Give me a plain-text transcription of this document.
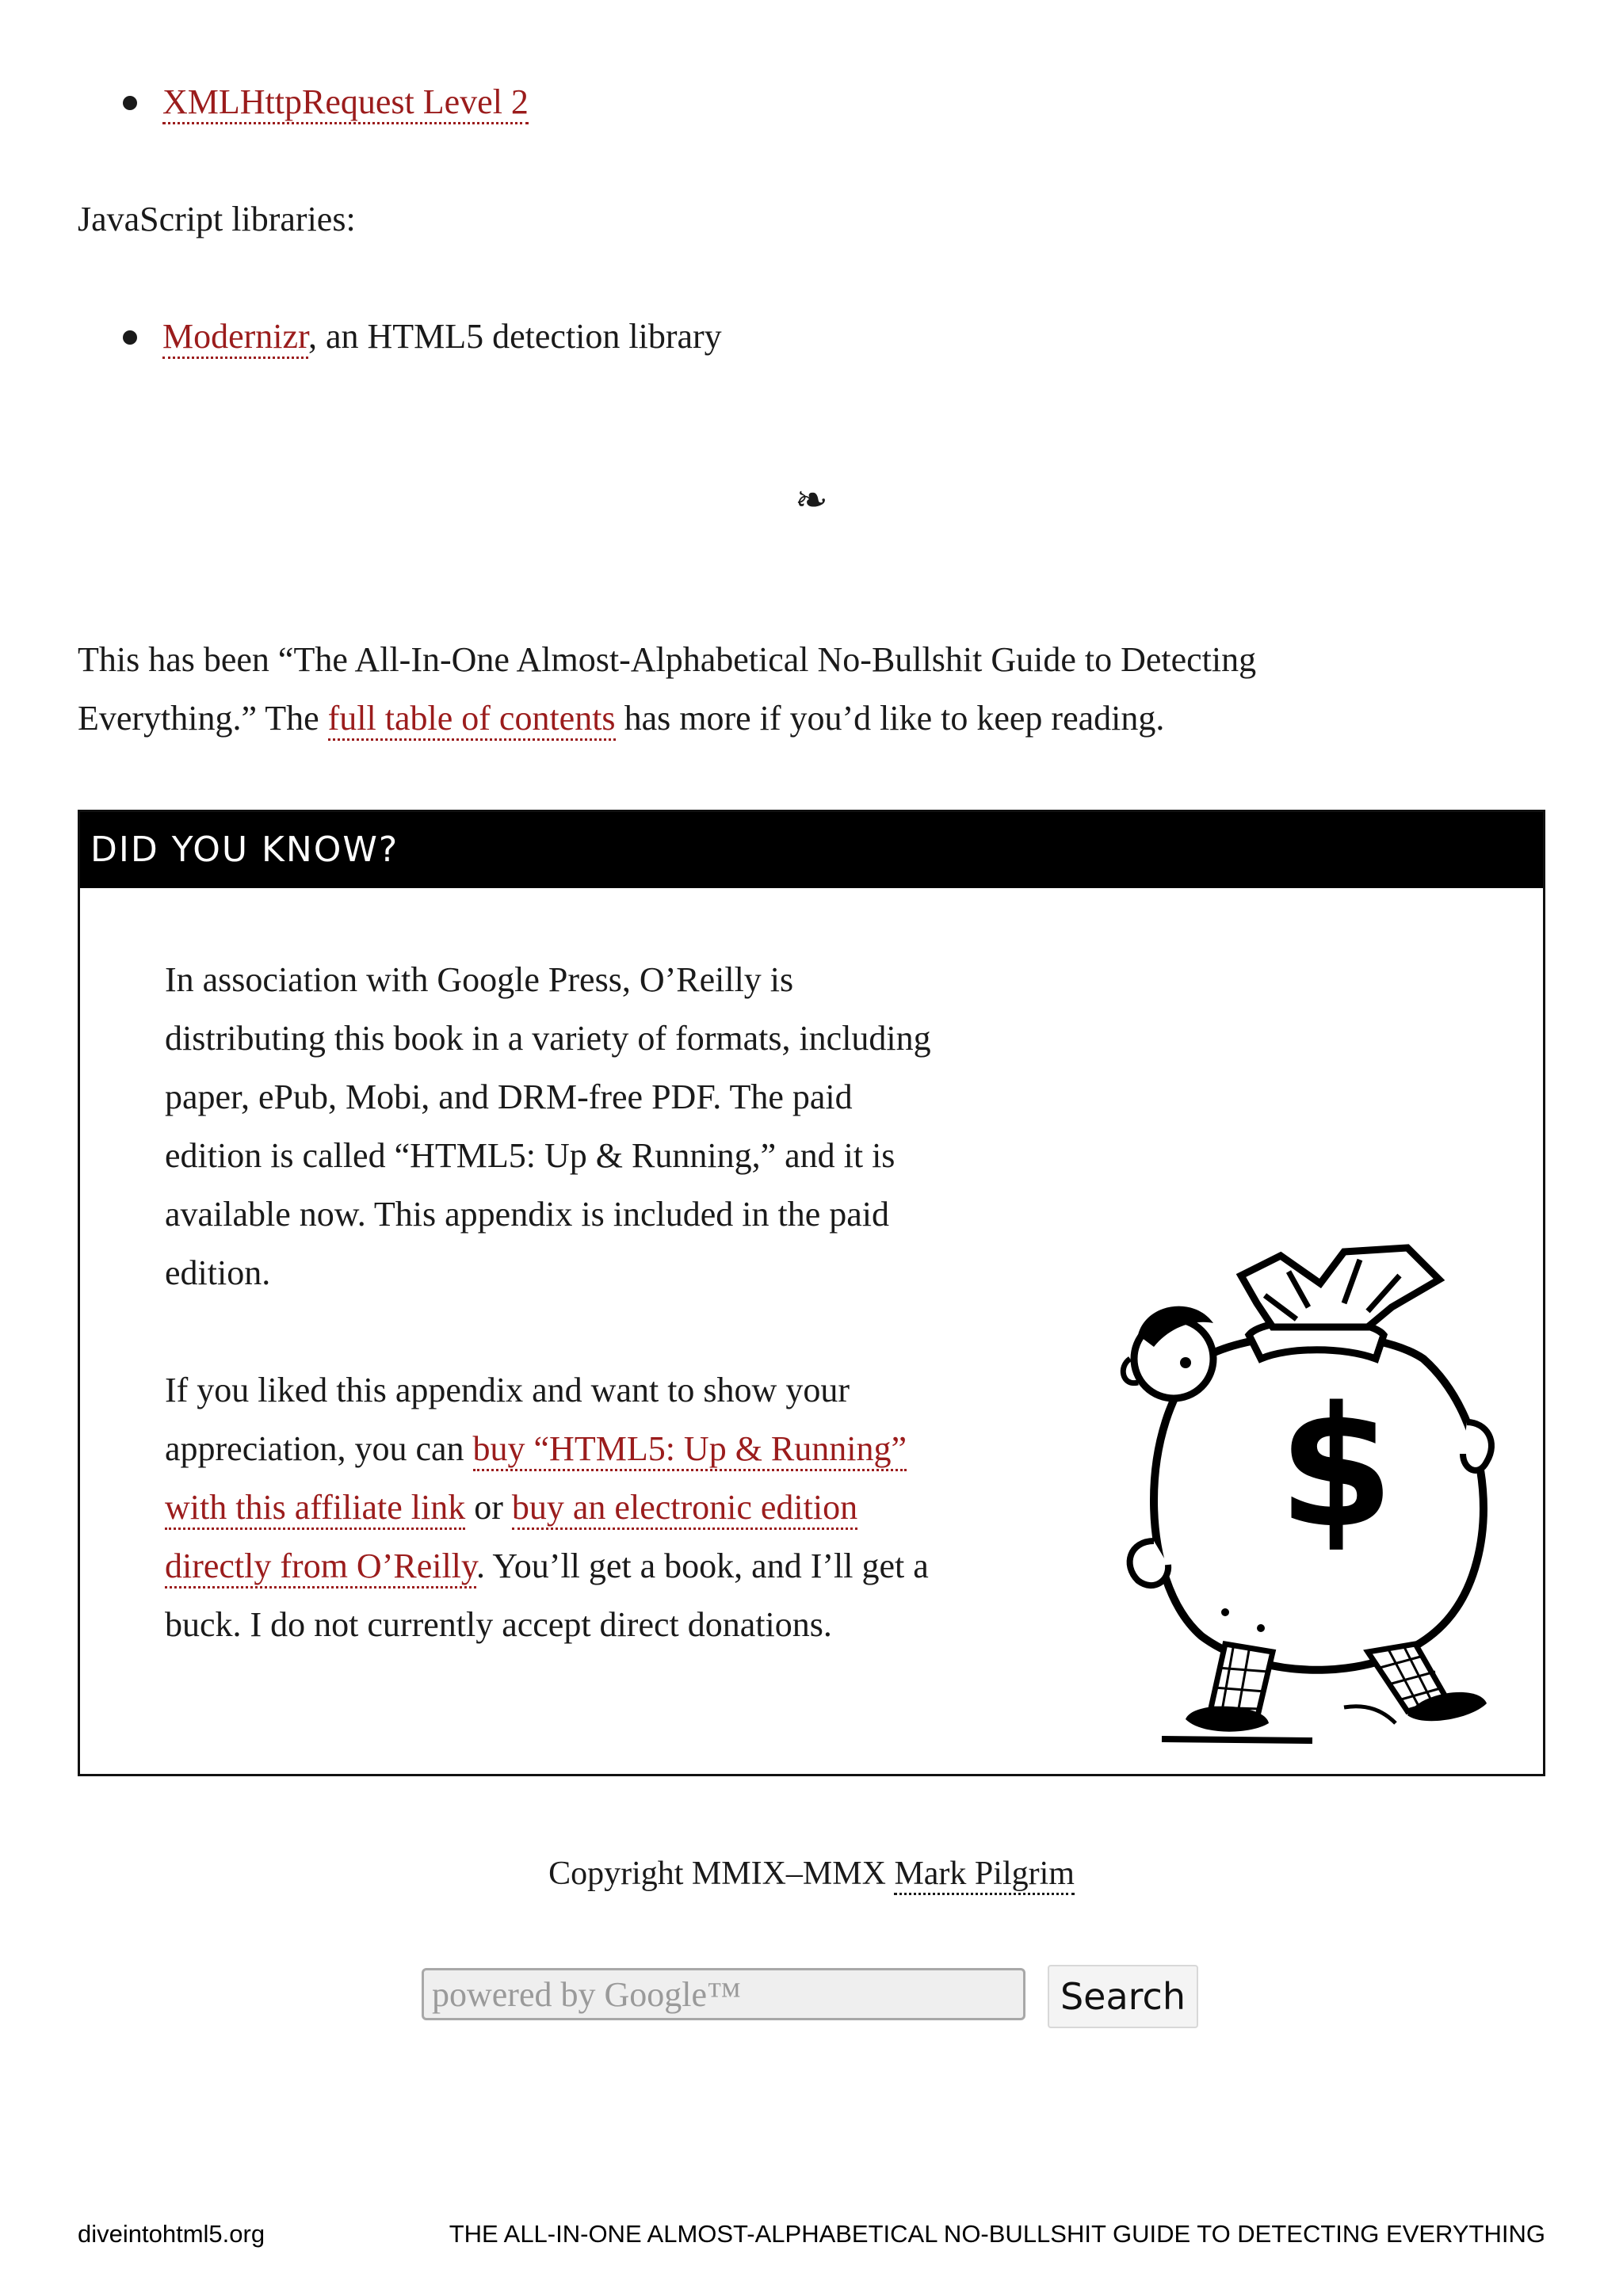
XMLHttpRequest Level 2
JavaScript libraries:
Modernizr, an HTML5 detection library
❧
This has been “The All-In-One Almost-Alphabetical No-Bullshit Guide to Detecting
Everything.” The full table of contents has more if you’d like to keep reading.
DID YOU KNOW?
In association with Google Press, O’Reilly is
distributing this book in a variety of formats, including
paper, ePub, Mobi, and DRM-free PDF. The paid
edition is called “HTML5: Up & Running,” and it is
available now. This appendix is included in the paid
edition.
If you liked this appendix and want to show your
appreciation, you can buy “HTML5: Up & Running”
with this affiliate link or buy an electronic edition
directly from O’Reilly. You’ll get a book, and I’ll get a
buck. I do not currently accept direct donations.
$
Copyright MMIX–MMX Mark Pilgrim
powered by Google™
Search
diveintohtml5.org	THE ALL-IN-ONE ALMOST-ALPHABETICAL NO-BULLSHIT GUIDE TO DETECTING EVERYTHING
